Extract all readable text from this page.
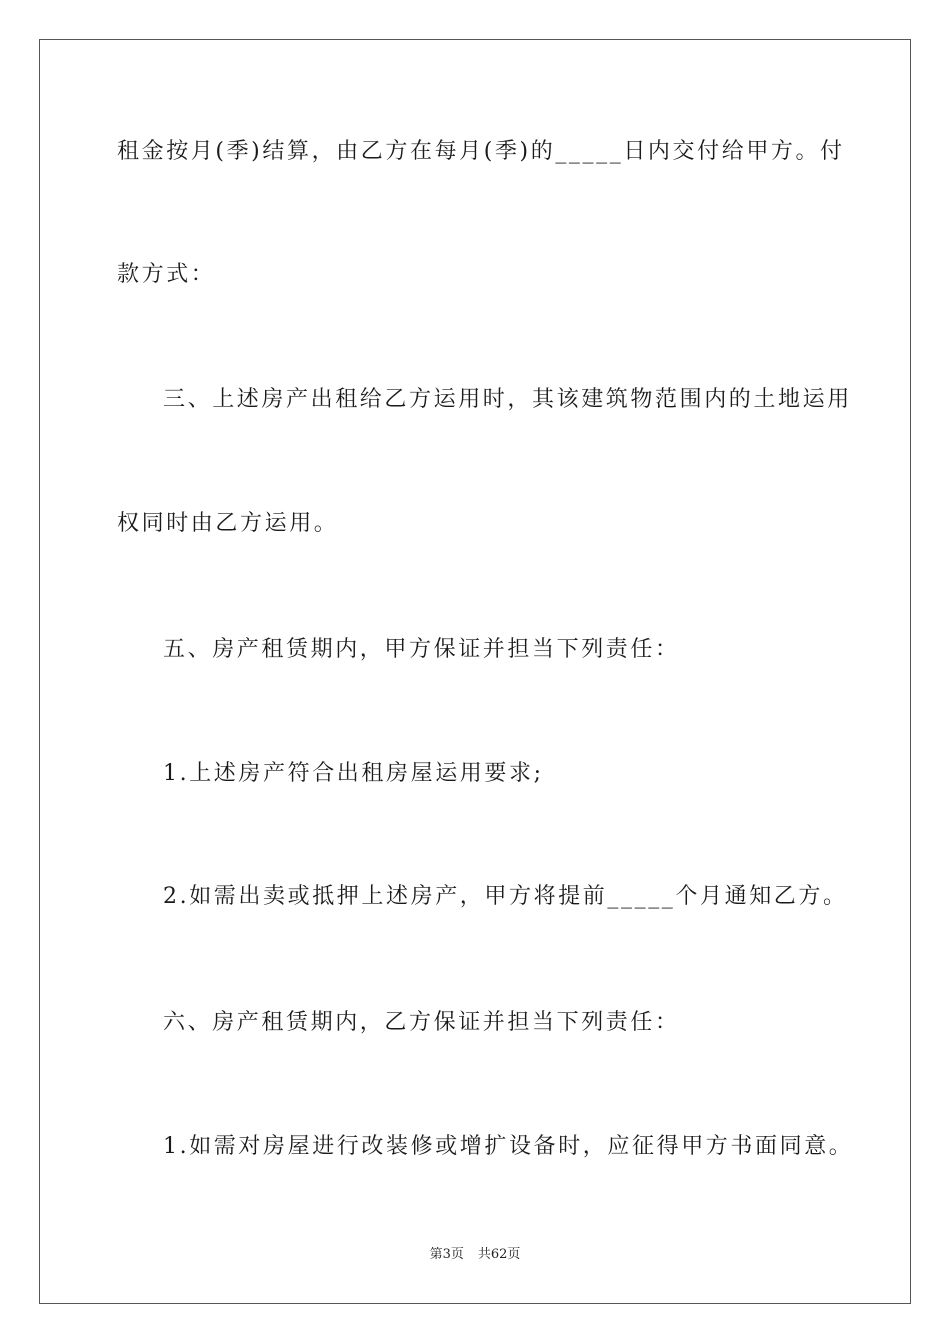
租金按月(季)结算，由乙方在每月(季)的_____日内交付给甲方。付
款方式：
三、上述房产出租给乙方运用时，其该建筑物范围内的土地运用
权同时由乙方运用。
五、房产租赁期内，甲方保证并担当下列责任：
1.上述房产符合出租房屋运用要求;
2.如需出卖或抵押上述房产，甲方将提前_____个月通知乙方。
六、房产租赁期内，乙方保证并担当下列责任：
1.如需对房屋进行改装修或增扩设备时，应征得甲方书面同意。
第3页 共62页
